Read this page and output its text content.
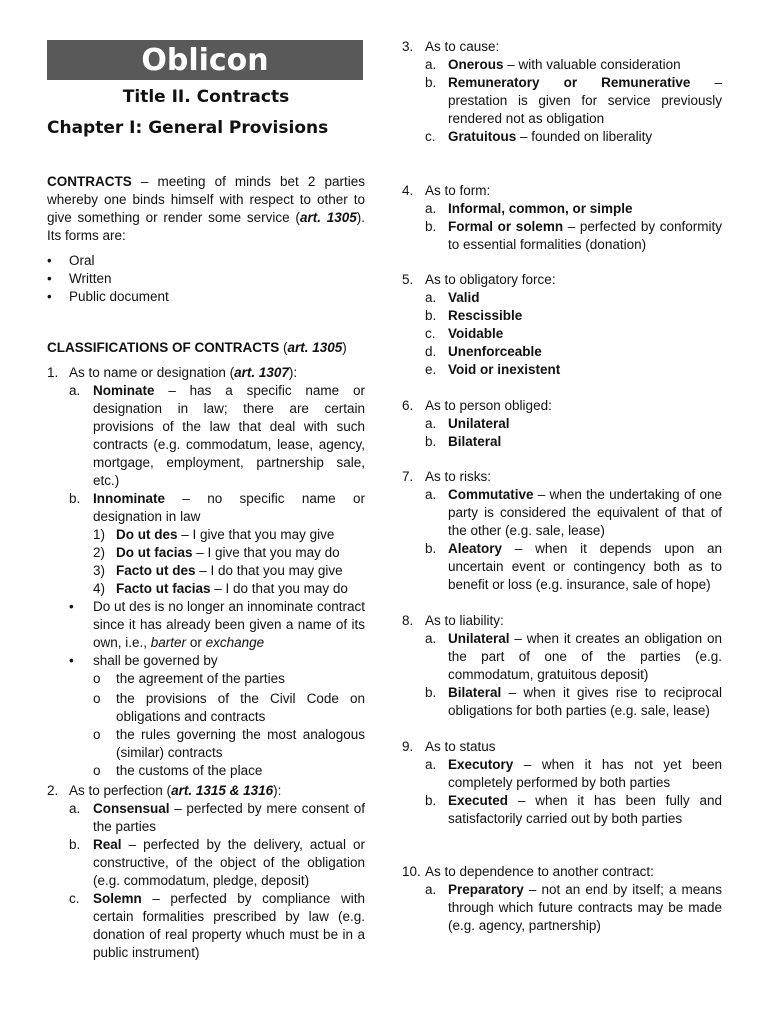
Oblicon
Title II. Contracts
Chapter I: General Provisions

CONTRACTS – meeting of minds bet 2 parties whereby one binds himself with respect to other to give something or render some service (art. 1305). Its forms are:

• Oral
• Written
• Public document
CLASSIFICATIONS OF CONTRACTS (art. 1305)
1. As to name or designation (art. 1307):
a. Nominate – has a specific name or designation in law; there are certain provisions of the law that deal with such contracts (e.g. commodatum, lease, agency, mortgage, employment, partnership sale, etc.)
b. Innominate – no specific name or designation in law
1) Do ut des – I give that you may give
2) Do ut facias – I give that you may do
3) Facto ut des – I do that you may give
4) Facto ut facias – I do that you may do
• Do ut des is no longer an innominate contract since it has already been given a name of its own, i.e., barter or exchange
• shall be governed by
o the agreement of the parties
o the provisions of the Civil Code on obligations and contracts
o the rules governing the most analogous (similar) contracts
o the customs of the place
2. As to perfection (art. 1315 & 1316):
a. Consensual – perfected by mere consent of the parties
b. Real – perfected by the delivery, actual or constructive, of the object of the obligation (e.g. commodatum, pledge, deposit)
c. Solemn – perfected by compliance with certain formalities prescribed by law (e.g. donation of real property whuch must be in a public instrument)
3. As to cause:
a. Onerous – with valuable consideration
b. Remuneratory or Remunerative – prestation is given for service previously rendered not as obligation
c. Gratuitous – founded on liberality
4. As to form:
a. Informal, common, or simple
b. Formal or solemn – perfected by conformity to essential formalities (donation)
5. As to obligatory force:
a. Valid
b. Rescissible
c. Voidable
d. Unenforceable
e. Void or inexistent
6. As to person obliged:
a. Unilateral
b. Bilateral
7. As to risks:
a. Commutative – when the undertaking of one party is considered the equivalent of that of the other (e.g. sale, lease)
b. Aleatory – when it depends upon an uncertain event or contingency both as to benefit or loss (e.g. insurance, sale of hope)
8. As to liability:
a. Unilateral – when it creates an obligation on the part of one of the parties (e.g. commodatum, gratuitous deposit)
b. Bilateral – when it gives rise to reciprocal obligations for both parties (e.g. sale, lease)
9. As to status
a. Executory – when it has not yet been completely performed by both parties
b. Executed – when it has been fully and satisfactorily carried out by both parties
10. As to dependence to another contract:
a. Preparatory – not an end by itself; a means through which future contracts may be made (e.g. agency, partnership)
